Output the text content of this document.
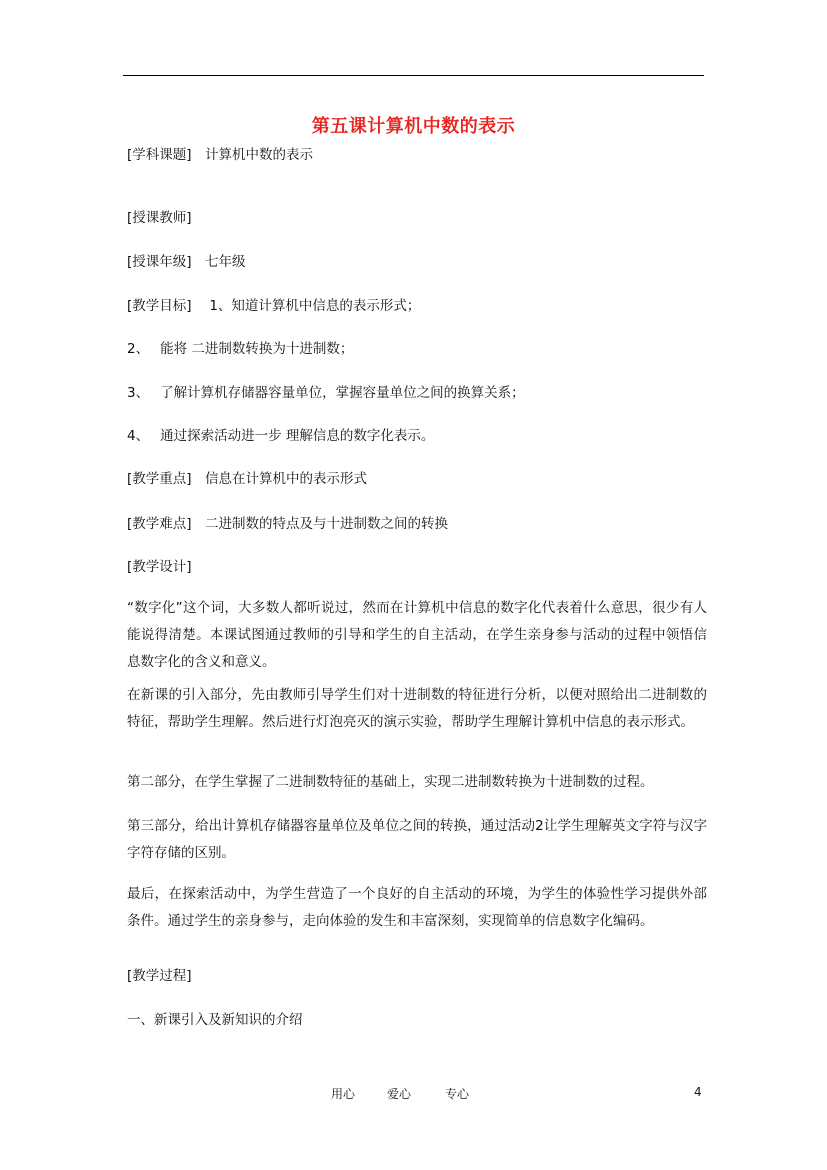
第五课计算机中数的表示
[学科课题]　计算机中数的表示
[授课教师]
[授课年级]　七年级
[教学目标]　 1、知道计算机中信息的表示形式；
2、　 能将 二进制数转换为十进制数；
3、　 了解计算机存储器容量单位，掌握容量单位之间的换算关系；
4、　 通过探索活动进一步 理解信息的数字化表示。
[教学重点]　信息在计算机中的表示形式
[教学难点]　二进制数的特点及与十进制数之间的转换
[教学设计]
“数字化”这个词，大多数人都听说过，然而在计算机中信息的数字化代表着什么意思，很少有人能说得清楚。本课试图通过教师的引导和学生的自主活动，在学生亲身参与活动的过程中领悟信息数字化的含义和意义。
在新课的引入部分，先由教师引导学生们对十进制数的特征进行分析，以便对照给出二进制数的特征，帮助学生理解。然后进行灯泡亮灭的演示实验，帮助学生理解计算机中信息的表示形式。
第二部分，在学生掌握了二进制数特征的基础上，实现二进制数转换为十进制数的过程。
第三部分，给出计算机存储器容量单位及单位之间的转换，通过活动2让学生理解英文字符与汉字字符存储的区别。
最后，在探索活动中，为学生营造了一个良好的自主活动的环境，为学生的体验性学习提供外部条件。通过学生的亲身参与，走向体验的发生和丰富深刻，实现简单的信息数字化编码。
[教学过程]
一、新课引入及新知识的介绍
用心	爱心	专心	4
